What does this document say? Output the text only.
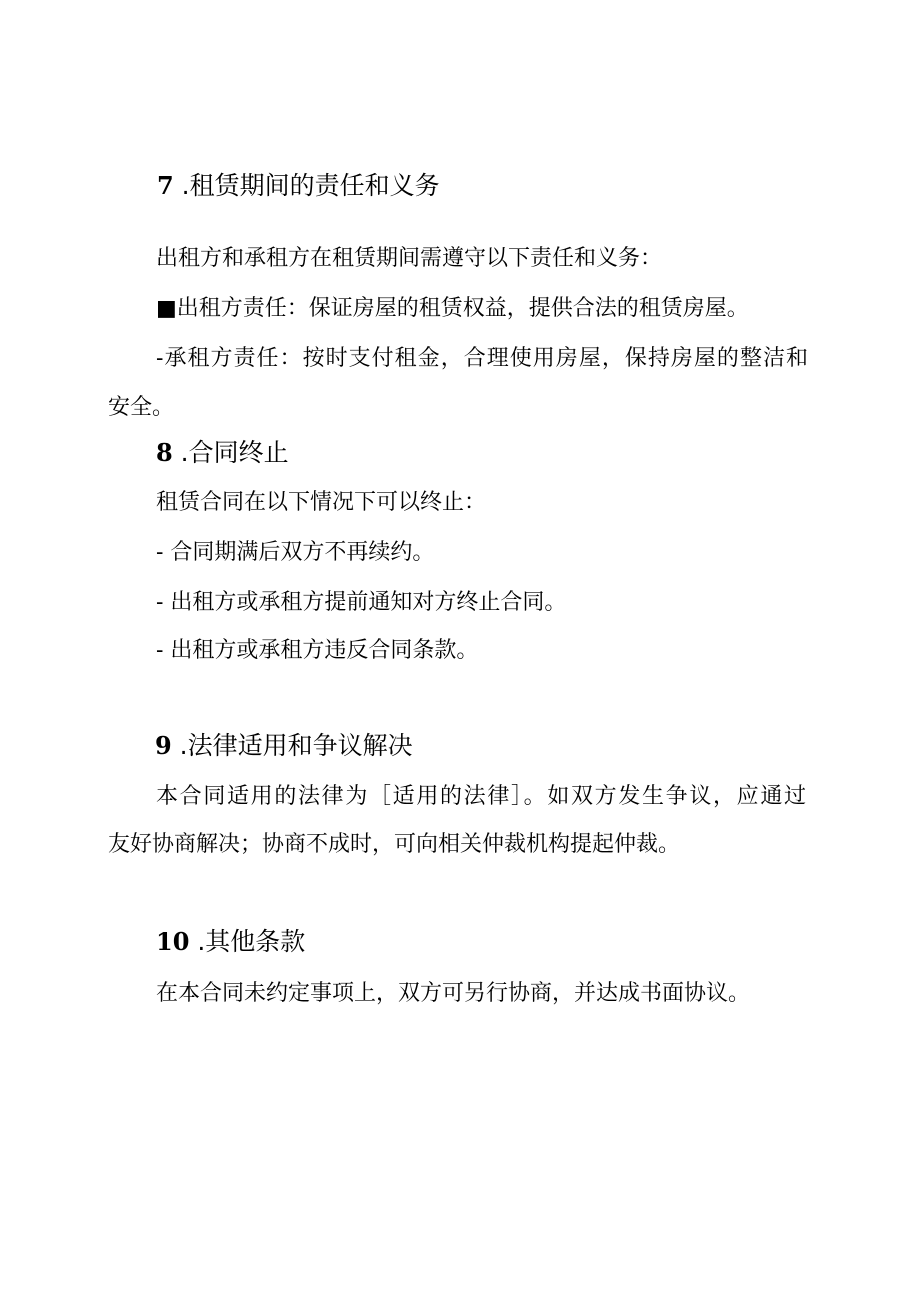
7 .租赁期间的责任和义务
出租方和承租方在租赁期间需遵守以下责任和义务：
■出租方责任：保证房屋的租赁权益，提供合法的租赁房屋。
-承租方责任：按时支付租金，合理使用房屋，保持房屋的整洁和
安全。
8 .合同终止
租赁合同在以下情况下可以终止：
- 合同期满后双方不再续约。
- 出租方或承租方提前通知对方终止合同。
- 出租方或承租方违反合同条款。
9 .法律适用和争议解决
本合同适用的法律为［适用的法律］。如双方发生争议，应通过
友好协商解决；协商不成时，可向相关仲裁机构提起仲裁。
10 .其他条款
在本合同未约定事项上，双方可另行协商，并达成书面协议。
